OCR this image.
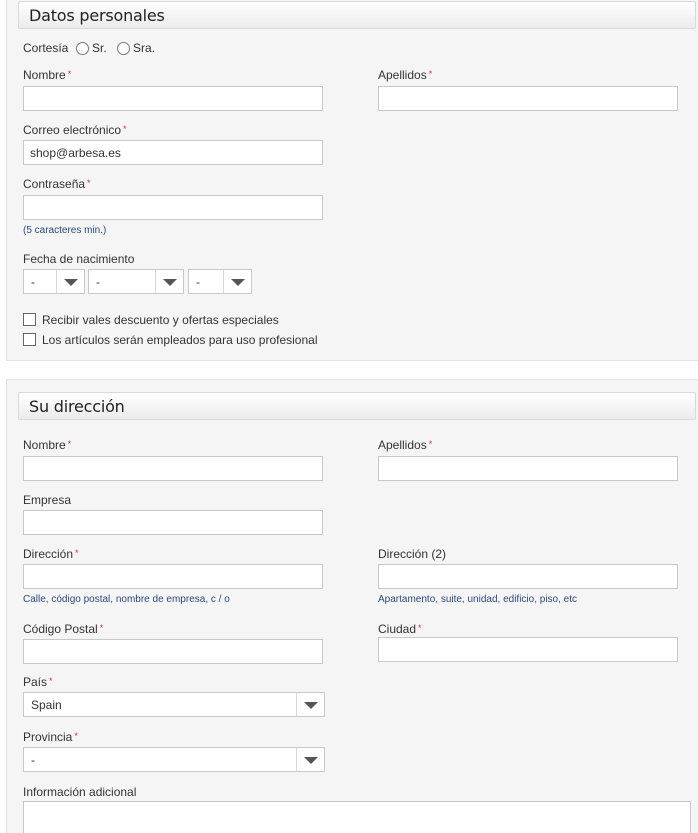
Datos personales
Cortesía Sr. Sra.
Nombre *	Apellidos *
Correo electrónico *
shop@arbesa.es
Contraseña *
(5 caracteres min.)
Fecha de nacimiento
-	-	-
Recibir vales descuento y ofertas especiales
Los artículos serán empleados para uso profesional
Su dirección
Nombre *	Apellidos *
Empresa
Dirección *	Dirección (2)
Calle, código postal, nombre de empresa, c / o	Apartamento, suite, unidad, edificio, piso, etc
Código Postal *	Ciudad *
País *
Spain
Provincia *
-
Información adicional
